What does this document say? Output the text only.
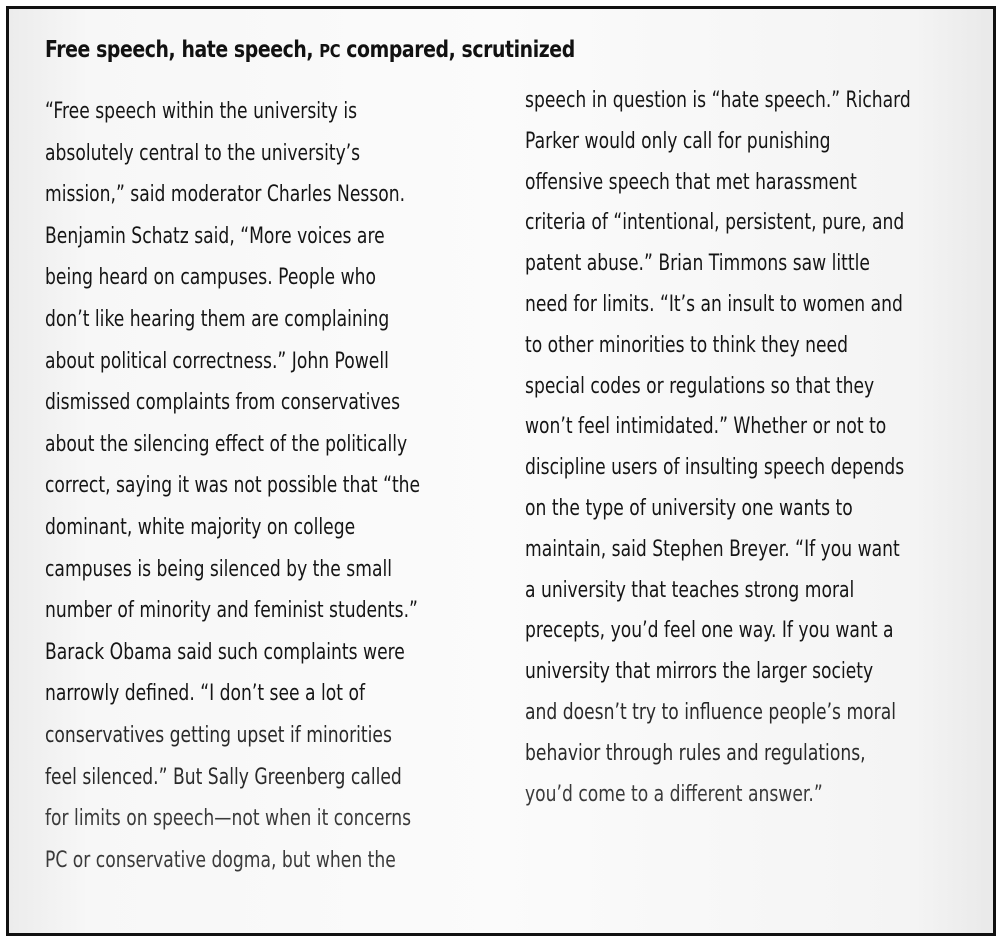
Free speech, hate speech, PC compared, scrutinized
“Free speech within the university is
absolutely central to the university’s
mission,” said moderator Charles Nesson.
Benjamin Schatz said, “More voices are
being heard on campuses. People who
don’t like hearing them are complaining
about political correctness.” John Powell
dismissed complaints from conservatives
about the silencing effect of the politically
correct, saying it was not possible that “the
dominant, white majority on college
campuses is being silenced by the small
number of minority and feminist students.”
Barack Obama said such complaints were
narrowly defined. “I don’t see a lot of
conservatives getting upset if minorities
feel silenced.” But Sally Greenberg called
for limits on speech—not when it concerns
PC or conservative dogma, but when the
speech in question is “hate speech.” Richard
Parker would only call for punishing
offensive speech that met harassment
criteria of “intentional, persistent, pure, and
patent abuse.” Brian Timmons saw little
need for limits. “It’s an insult to women and
to other minorities to think they need
special codes or regulations so that they
won’t feel intimidated.” Whether or not to
discipline users of insulting speech depends
on the type of university one wants to
maintain, said Stephen Breyer. “If you want
a university that teaches strong moral
precepts, you’d feel one way. If you want a
university that mirrors the larger society
and doesn’t try to influence people’s moral
behavior through rules and regulations,
you’d come to a different answer.”
